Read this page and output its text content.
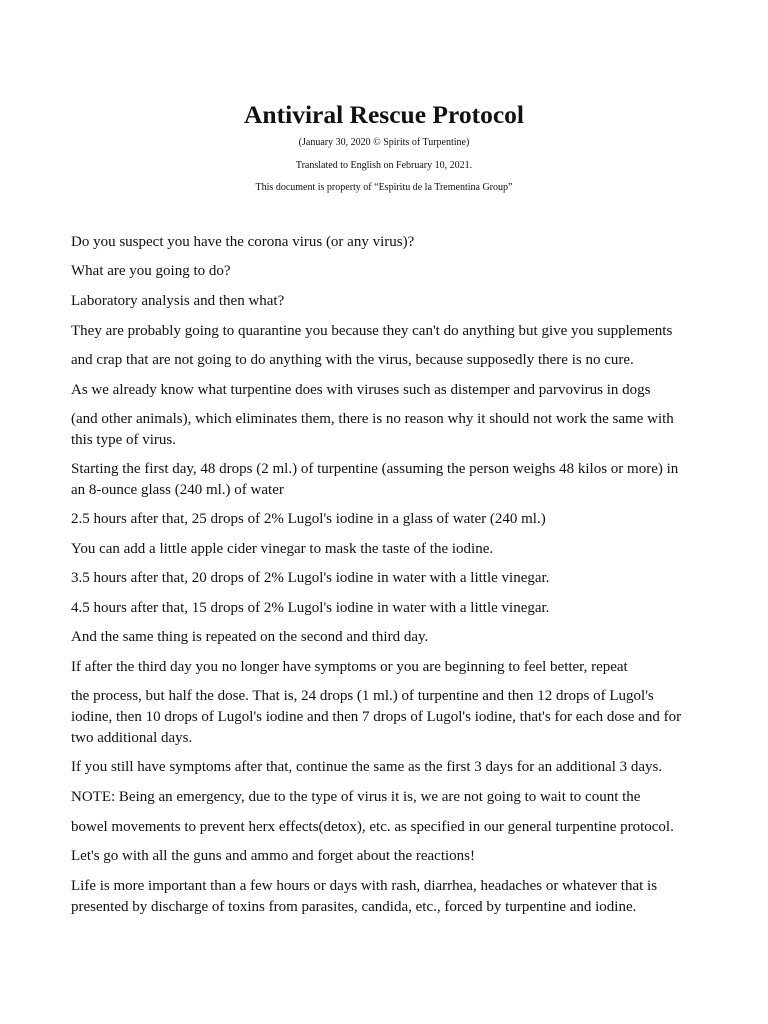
Antiviral Rescue Protocol

(January 30, 2020 © Spirits of Turpentine)

Translated to English on February 10, 2021.

This document is property of “Espiritu de la Trementina Group”

Do you suspect you have the corona virus (or any virus)?

What are you going to do?

Laboratory analysis and then what?

They are probably going to quarantine you because they can't do anything but give you supplements

and crap that are not going to do anything with the virus, because supposedly there is no cure.

As we already know what turpentine does with viruses such as distemper and parvovirus in dogs

(and other animals), which eliminates them, there is no reason why it should not work the same with this type of virus.

Starting the first day, 48 drops (2 ml.) of turpentine (assuming the person weighs 48 kilos or more) in an 8-ounce glass (240 ml.) of water

2.5 hours after that, 25 drops of 2% Lugol's iodine in a glass of water (240 ml.)

You can add a little apple cider vinegar to mask the taste of the iodine.

3.5 hours after that, 20 drops of 2% Lugol's iodine in water with a little vinegar.

4.5 hours after that, 15 drops of 2% Lugol's iodine in water with a little vinegar.

And the same thing is repeated on the second and third day.

If after the third day you no longer have symptoms or you are beginning to feel better, repeat

the process, but half the dose. That is, 24 drops (1 ml.) of turpentine and then 12 drops of Lugol's iodine, then 10 drops of Lugol's iodine and then 7 drops of Lugol's iodine, that's for each dose and for two additional days.

If you still have symptoms after that, continue the same as the first 3 days for an additional 3 days.

NOTE: Being an emergency, due to the type of virus it is, we are not going to wait to count the

bowel movements to prevent herx effects(detox), etc. as specified in our general turpentine protocol.

Let's go with all the guns and ammo and forget about the reactions!

Life is more important than a few hours or days with rash, diarrhea, headaches or whatever that is presented by discharge of toxins from parasites, candida, etc., forced by turpentine and iodine.
